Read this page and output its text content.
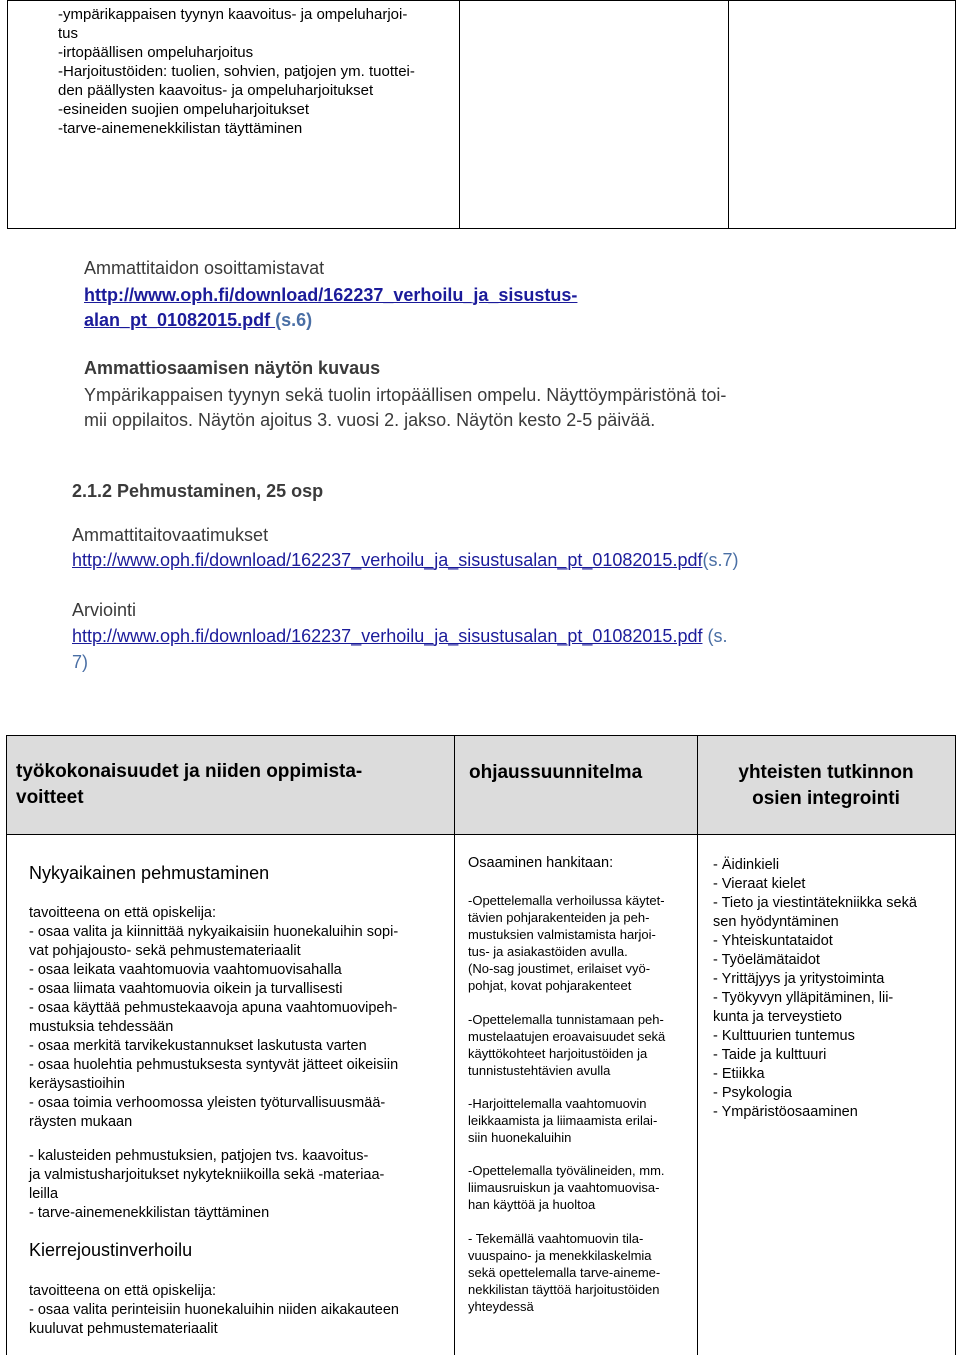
-ympärikappaisen tyynyn kaavoitus- ja ompeluharjoi-
tus
-irtopäällisen ompeluharjoitus
-Harjoitustöiden: tuolien, sohvien, patjojen ym. tuottei-
den päällysten kaavoitus- ja ompeluharjoitukset
-esineiden suojien ompeluharjoitukset
-tarve-ainemenekkilistan täyttäminen
Ammattitaidon osoittamistavat
http://www.oph.fi/download/162237_verhoilu_ja_sisustus-
alan_pt_01082015.pdf (s.6)
Ammattiosaamisen näytön kuvaus
Ympärikappaisen tyynyn sekä tuolin irtopäällisen ompelu. Näyttöympäristönä toi-
mii oppilaitos. Näytön ajoitus 3. vuosi 2. jakso. Näytön kesto 2-5 päivää.
2.1.2 Pehmustaminen, 25 osp
Ammattitaitovaatimukset
http://www.oph.fi/download/162237_verhoilu_ja_sisustusalan_pt_01082015.pdf(s.7)
Arviointi
http://www.oph.fi/download/162237_verhoilu_ja_sisustusalan_pt_01082015.pdf (s.
7)
työkokonaisuudet ja niiden oppimista-
voitteet
ohjaussuunnitelma	yhteisten tutkinnon
osien integrointi
Nykyaikainen pehmustaminen
tavoitteena on että opiskelija:
- osaa valita ja kiinnittää nykyaikaisiin huonekaluihin sopi-
vat pohjajousto- sekä pehmustemateriaalit
- osaa leikata vaahtomuovia vaahtomuovisahalla
- osaa liimata vaahtomuovia oikein ja turvallisesti
- osaa käyttää pehmustekaavoja apuna vaahtomuovipeh-
mustuksia tehdessään
- osaa merkitä tarvikekustannukset laskutusta varten
- osaa huolehtia pehmustuksesta syntyvät jätteet oikeisiin
keräysastioihin
- osaa toimia verhoomossa yleisten työturvallisuusmää-
räysten mukaan
- kalusteiden pehmustuksien, patjojen tvs. kaavoitus-
ja valmistusharjoitukset nykytekniikoilla sekä -materiaa-
leilla
- tarve-ainemenekkilistan täyttäminen
Kierrejoustinverhoilu
tavoitteena on että opiskelija:
- osaa valita perinteisiin huonekaluihin niiden aikakauteen
kuuluvat pehmustemateriaalit
Osaaminen hankitaan:
-Opettelemalla verhoilussa käytet-
tävien pohjarakenteiden ja peh-
mustuksien valmistamista harjoi-
tus- ja asiakastöiden avulla.
(No-sag joustimet, erilaiset vyö-
pohjat, kovat pohjarakenteet
-Opettelemalla tunnistamaan peh-
mustelaatujen eroavaisuudet sekä
käyttökohteet harjoitustöiden ja
tunnistustehtävien avulla
-Harjoittelemalla vaahtomuovin
leikkaamista ja liimaamista erilai-
siin huonekaluihin
-Opettelemalla työvälineiden, mm.
liimausruiskun ja vaahtomuovisa-
han käyttöä ja huoltoa
- Tekemällä vaahtomuovin tila-
vuuspaino- ja menekkilaskelmia
sekä opettelemalla tarve-aineme-
nekkilistan täyttöä harjoitustöiden
yhteydessä
- Äidinkieli
- Vieraat kielet
- Tieto ja viestintätekniikka sekä
sen hyödyntäminen
- Yhteiskuntataidot
- Työelämätaidot
- Yrittäjyys ja yritystoiminta
- Työkyvyn ylläpitäminen, lii-
kunta ja terveystieto
- Kulttuurien tuntemus
- Taide ja kulttuuri
- Etiikka
- Psykologia
- Ympäristöosaaminen
